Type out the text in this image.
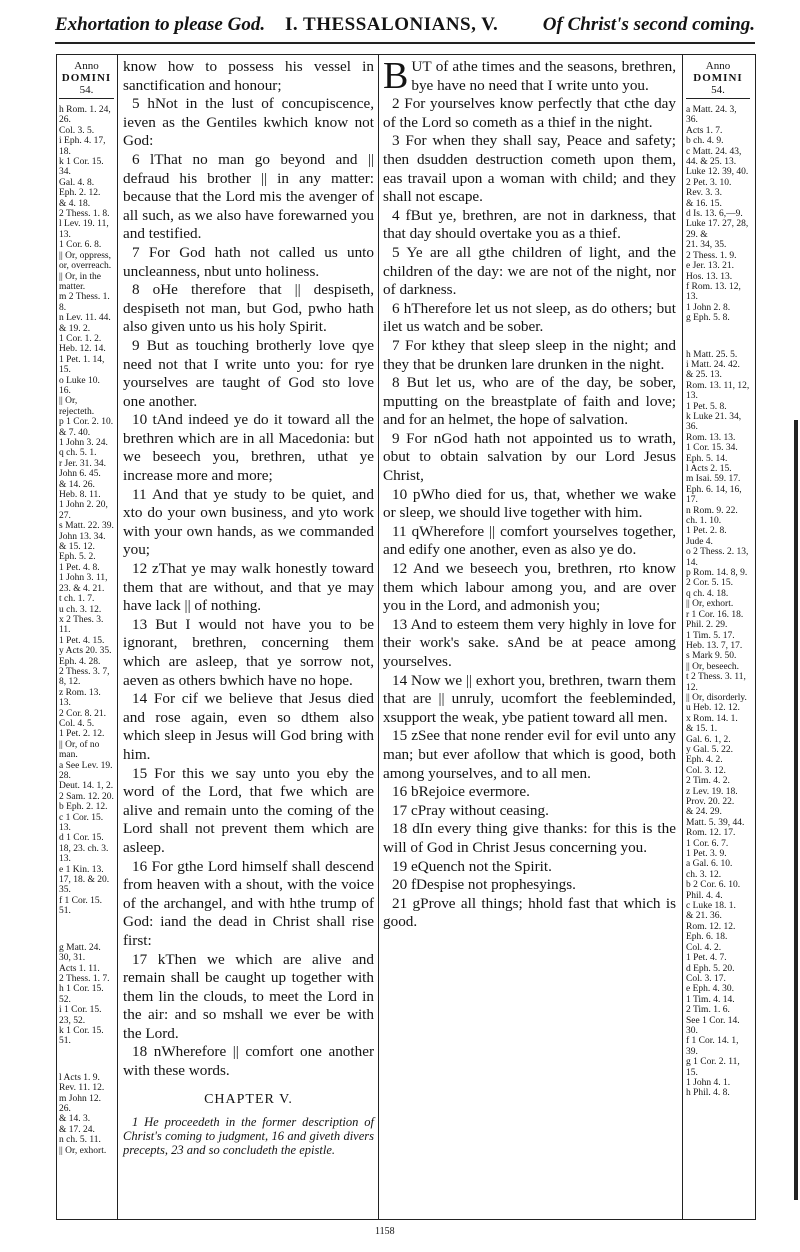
Exhortation to please God. I. THESSALONIANS, V. Of Christ's second coming.
Anno
DOMINI
54.

h Rom. 1. 24, 26.

Col. 3. 5.

i Eph. 4. 17, 18.

k 1 Cor. 15. 34.

Gal. 4. 8.

Eph. 2. 12.

& 4. 18.

2 Thess. 1. 8.

l Lev. 19. 11, 13.

1 Cor. 6. 8.

|| Or, oppress, or, overreach.

|| Or, in the matter.

m 2 Thess. 1. 8.

n Lev. 11. 44.

& 19. 2.

1 Cor. 1. 2.

Heb. 12. 14.

1 Pet. 1. 14, 15.

o Luke 10. 16.

|| Or, rejecteth.

p 1 Cor. 2. 10.

& 7. 40.

1 John 3. 24.

q ch. 5. 1.

r Jer. 31. 34.

John 6. 45.

& 14. 26.

Heb. 8. 11.

1 John 2. 20, 27.

s Matt. 22. 39.

John 13. 34.

& 15. 12.

Eph. 5. 2.

1 Pet. 4. 8.

1 John 3. 11, 23. & 4. 21.

t ch. 1. 7.

u ch. 3. 12.

x 2 Thes. 3. 11.

1 Pet. 4. 15.

y Acts 20. 35.

Eph. 4. 28.

2 Thess. 3. 7, 8, 12.

z Rom. 13. 13.

2 Cor. 8. 21.

Col. 4. 5.

1 Pet. 2. 12.

|| Or, of no man.

a See Lev. 19. 28.

Deut. 14. 1, 2.

2 Sam. 12. 20.

b Eph. 2. 12.

c 1 Cor. 15. 13.

d 1 Cor. 15. 18, 23. ch. 3. 13.

e 1 Kin. 13. 17, 18. & 20. 35.

f 1 Cor. 15. 51.

g Matt. 24. 30, 31.

Acts 1. 11.

2 Thess. 1. 7.

h 1 Cor. 15. 52.

i 1 Cor. 15. 23, 52.

k 1 Cor. 15. 51.

l Acts 1. 9.

Rev. 11. 12.

m John 12. 26.

& 14. 3.

& 17. 24.

n ch. 5. 11.

|| Or, exhort.

know how to possess his vessel in sanctification and honour;

5 hNot in the lust of concupiscence, ieven as the Gentiles kwhich know not God:

6 lThat no man go beyond and || defraud his brother || in any matter: because that the Lord mis the avenger of all such, as we also have forewarned you and testified.

7 For God hath not called us unto uncleanness, nbut unto holiness.

8 oHe therefore that || despiseth, despiseth not man, but God, pwho hath also given unto us his holy Spirit.

9 But as touching brotherly love qye need not that I write unto you: for rye yourselves are taught of God sto love one another.

10 tAnd indeed ye do it toward all the brethren which are in all Macedonia: but we beseech you, brethren, uthat ye increase more and more;

11 And that ye study to be quiet, and xto do your own business, and yto work with your own hands, as we commanded you;

12 zThat ye may walk honestly toward them that are without, and that ye may have lack || of nothing.

13 But I would not have you to be ignorant, brethren, concerning them which are asleep, that ye sorrow not, aeven as others bwhich have no hope.

14 For cif we believe that Jesus died and rose again, even so dthem also which sleep in Jesus will God bring with him.

15 For this we say unto you eby the word of the Lord, that fwe which are alive and remain unto the coming of the Lord shall not prevent them which are asleep.

16 For gthe Lord himself shall descend from heaven with a shout, with the voice of the archangel, and with hthe trump of God: iand the dead in Christ shall rise first:

17 kThen we which are alive and remain shall be caught up together with them lin the clouds, to meet the Lord in the air: and so mshall we ever be with the Lord.

18 nWherefore || comfort one another with these words.

CHAPTER V.

1 He proceedeth in the former description of Christ's coming to judgment, 16 and giveth divers precepts, 23 and so concludeth the epistle.

BUT of athe times and the seasons, brethren, bye have no need that I write unto you.

2 For yourselves know perfectly that cthe day of the Lord so cometh as a thief in the night.

3 For when they shall say, Peace and safety; then dsudden destruction cometh upon them, eas travail upon a woman with child; and they shall not escape.

4 fBut ye, brethren, are not in darkness, that that day should overtake you as a thief.

5 Ye are all gthe children of light, and the children of the day: we are not of the night, nor of darkness.

6 hTherefore let us not sleep, as do others; but ilet us watch and be sober.

7 For kthey that sleep sleep in the night; and they that be drunken lare drunken in the night.

8 But let us, who are of the day, be sober, mputting on the breastplate of faith and love; and for an helmet, the hope of salvation.

9 For nGod hath not appointed us to wrath, obut to obtain salvation by our Lord Jesus Christ,

10 pWho died for us, that, whether we wake or sleep, we should live together with him.

11 qWherefore || comfort yourselves together, and edify one another, even as also ye do.

12 And we beseech you, brethren, rto know them which labour among you, and are over you in the Lord, and admonish you;

13 And to esteem them very highly in love for their work's sake. sAnd be at peace among yourselves.

14 Now we || exhort you, brethren, twarn them that are || unruly, ucomfort the feebleminded, xsupport the weak, ybe patient toward all men.

15 zSee that none render evil for evil unto any man; but ever afollow that which is good, both among yourselves, and to all men.

16 bRejoice evermore.

17 cPray without ceasing.

18 dIn every thing give thanks: for this is the will of God in Christ Jesus concerning you.

19 eQuench not the Spirit.

20 fDespise not prophesyings.

21 gProve all things; hhold fast that which is good.

Anno
DOMINI
54.

a Matt. 24. 3, 36.

Acts 1. 7.

b ch. 4. 9.

c Matt. 24. 43, 44. & 25. 13.

Luke 12. 39, 40.

2 Pet. 3. 10.

Rev. 3. 3.

& 16. 15.

d Is. 13. 6,—9.

Luke 17. 27, 28, 29. &

21. 34, 35.

2 Thess. 1. 9.

e Jer. 13. 21.

Hos. 13. 13.

f Rom. 13. 12, 13.

1 John 2. 8.

g Eph. 5. 8.

h Matt. 25. 5.

i Matt. 24. 42.

& 25. 13.

Rom. 13. 11, 12, 13.

1 Pet. 5. 8.

k Luke 21. 34, 36.

Rom. 13. 13.

1 Cor. 15. 34.

Eph. 5. 14.

l Acts 2. 15.

m Isai. 59. 17.

Eph. 6. 14, 16, 17.

n Rom. 9. 22.

ch. 1. 10.

1 Pet. 2. 8.

Jude 4.

o 2 Thess. 2. 13, 14.

p Rom. 14. 8, 9.

2 Cor. 5. 15.

q ch. 4. 18.

|| Or, exhort.

r 1 Cor. 16. 18.

Phil. 2. 29.

1 Tim. 5. 17.

Heb. 13. 7, 17.

s Mark 9. 50.

|| Or, beseech.

t 2 Thess. 3. 11, 12.

|| Or, disorderly.

u Heb. 12. 12.

x Rom. 14. 1.

& 15. 1.

Gal. 6. 1, 2.

y Gal. 5. 22.

Eph. 4. 2.

Col. 3. 12.

2 Tim. 4. 2.

z Lev. 19. 18.

Prov. 20. 22.

& 24. 29.

Matt. 5. 39, 44.

Rom. 12. 17.

1 Cor. 6. 7.

1 Pet. 3. 9.

a Gal. 6. 10.

ch. 3. 12.

b 2 Cor. 6. 10.

Phil. 4. 4.

c Luke 18. 1.

& 21. 36.

Rom. 12. 12.

Eph. 6. 18.

Col. 4. 2.

1 Pet. 4. 7.

d Eph. 5. 20.

Col. 3. 17.

e Eph. 4. 30.

1 Tim. 4. 14.

2 Tim. 1. 6.

See 1 Cor. 14. 30.

f 1 Cor. 14. 1, 39.

g 1 Cor. 2. 11, 15.

1 John 4. 1.

h Phil. 4. 8.

1158
